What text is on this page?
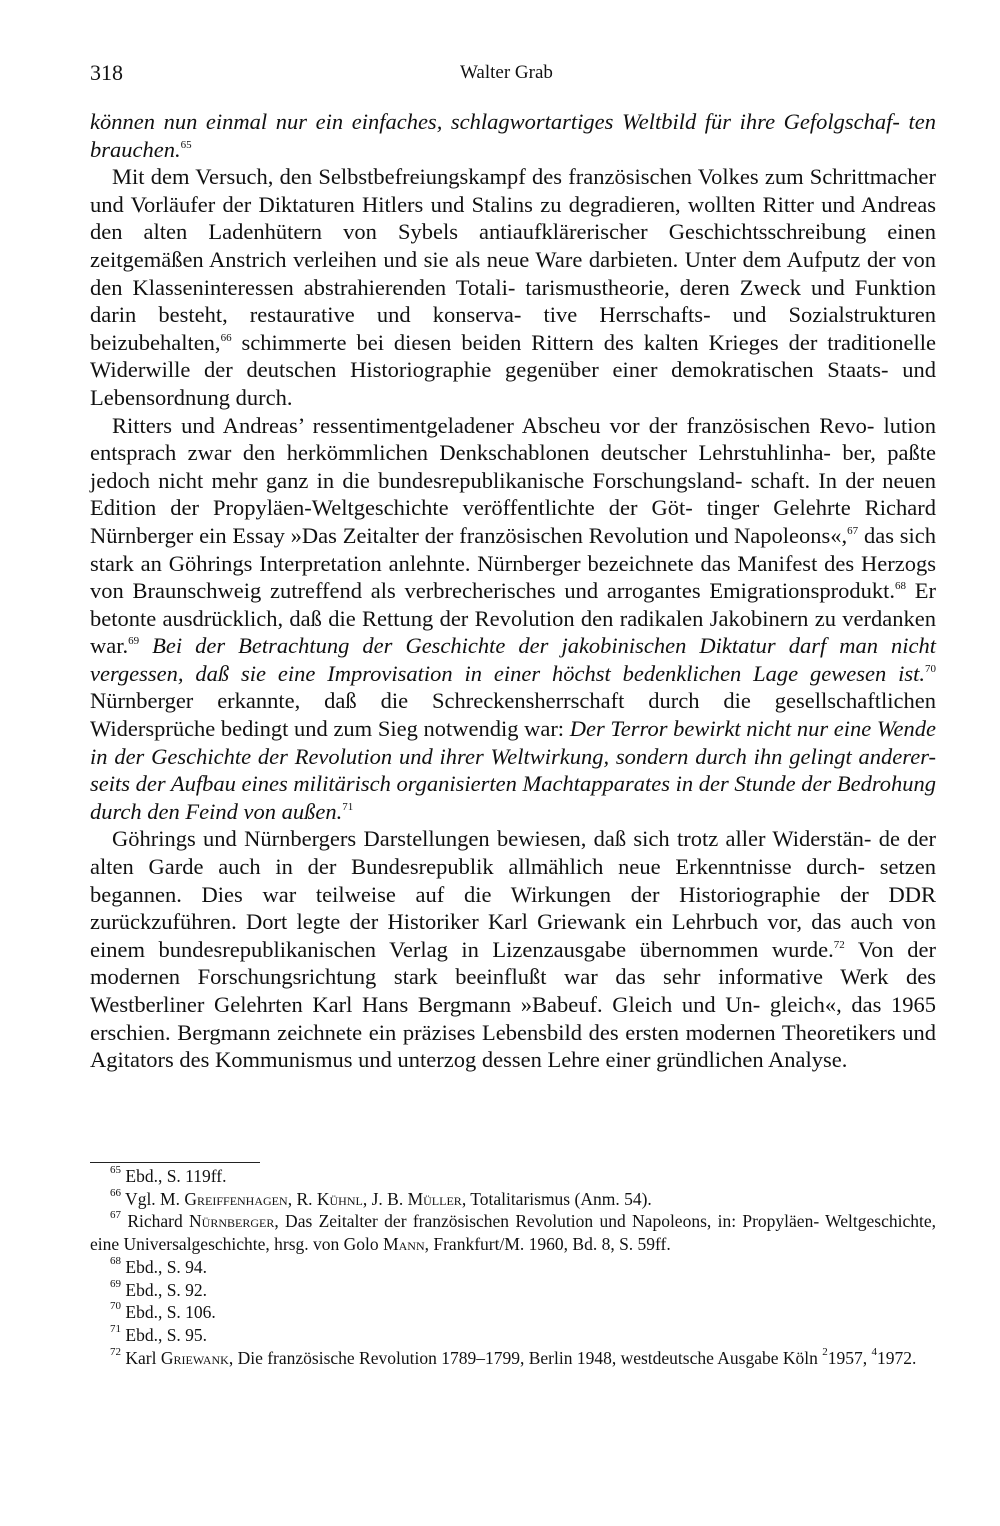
318	Walter Grab

können nun einmal nur ein einfaches, schlagwortartiges Weltbild für ihre Gefolgschaf- ten brauchen.$^{65}$

Mit dem Versuch, den Selbstbefreiungskampf des französischen Volkes zum Schrittmacher und Vorläufer der Diktaturen Hitlers und Stalins zu degradieren, wollten Ritter und Andreas den alten Ladenhütern von Sybels antiaufklärerischer Geschichtsschreibung einen zeitgemäßen Anstrich verleihen und sie als neue Ware darbieten. Unter dem Aufputz der von den Klasseninteressen abstrahierenden Totali- tarismustheorie, deren Zweck und Funktion darin besteht, restaurative und konserva- tive Herrschafts- und Sozialstrukturen beizubehalten,$^{66}$ schimmerte bei diesen beiden Rittern des kalten Krieges der traditionelle Widerwille der deutschen Historiographie gegenüber einer demokratischen Staats- und Lebensordnung durch.

Ritters und Andreas’ ressentimentgeladener Abscheu vor der französischen Revo- lution entsprach zwar den herkömmlichen Denkschablonen deutscher Lehrstuhlinha- ber, paßte jedoch nicht mehr ganz in die bundesrepublikanische Forschungsland- schaft. In der neuen Edition der Propyläen-Weltgeschichte veröffentlichte der Göt- tinger Gelehrte Richard Nürnberger ein Essay »Das Zeitalter der französischen Revolution und Napoleons«,$^{67}$ das sich stark an Göhrings Interpretation anlehnte. Nürnberger bezeichnete das Manifest des Herzogs von Braunschweig zutreffend als verbrecherisches und arrogantes Emigrationsprodukt.$^{68}$ Er betonte ausdrücklich, daß die Rettung der Revolution den radikalen Jakobinern zu verdanken war.$^{69}$ Bei der Betrachtung der Geschichte der jakobinischen Diktatur darf man nicht vergessen, daß sie eine Improvisation in einer höchst bedenklichen Lage gewesen ist.$^{70}$ Nürnberger erkannte, daß die Schreckensherrschaft durch die gesellschaftlichen Widersprüche bedingt und zum Sieg notwendig war: Der Terror bewirkt nicht nur eine Wende in der Geschichte der Revolution und ihrer Weltwirkung, sondern durch ihn gelingt anderer- seits der Aufbau eines militärisch organisierten Machtapparates in der Stunde der Bedrohung durch den Feind von außen.$^{71}$

Göhrings und Nürnbergers Darstellungen bewiesen, daß sich trotz aller Widerstän- de der alten Garde auch in der Bundesrepublik allmählich neue Erkenntnisse durch- setzen begannen. Dies war teilweise auf die Wirkungen der Historiographie der DDR zurückzuführen. Dort legte der Historiker Karl Griewank ein Lehrbuch vor, das auch von einem bundesrepublikanischen Verlag in Lizenzausgabe übernommen wurde.$^{72}$ Von der modernen Forschungsrichtung stark beeinflußt war das sehr informative Werk des Westberliner Gelehrten Karl Hans Bergmann »Babeuf. Gleich und Un- gleich«, das 1965 erschien. Bergmann zeichnete ein präzises Lebensbild des ersten modernen Theoretikers und Agitators des Kommunismus und unterzog dessen Lehre einer gründlichen Analyse.

$^{65}$ Ebd., S. 119ff.

$^{66}$ Vgl. M. Greiffenhagen, R. Kühnl, J. B. Müller, Totalitarismus (Anm. 54).

$^{67}$ Richard Nürnberger, Das Zeitalter der französischen Revolution und Napoleons, in: Propyläen- Weltgeschichte, eine Universalgeschichte, hrsg. von Golo Mann, Frankfurt/M. 1960, Bd. 8, S. 59ff.

$^{68}$ Ebd., S. 94.

$^{69}$ Ebd., S. 92.

$^{70}$ Ebd., S. 106.

$^{71}$ Ebd., S. 95.

$^{72}$ Karl Griewank, Die französische Revolution 1789–1799, Berlin 1948, westdeutsche Ausgabe Köln $^2$1957, $^4$1972.
